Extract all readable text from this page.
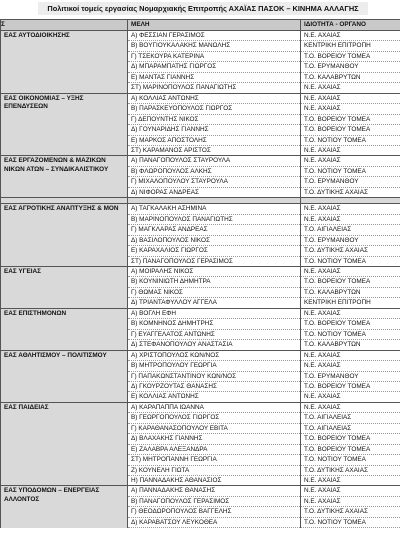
Πολιτικοί τομείς εργασίας Νομαρχιακής Επιτροπής ΑΧΑΪΑΣ ΠΑΣΟΚ – ΚΙΝΗΜΑ ΑΛΛΑΓΗΣ
Σ	ΜΕΛΗ	ΙΔΙΟΤΗΤΑ - ΟΡΓΑΝΟ
ΕΑΣ ΑΥΤΟΔΙΟΙΚΗΣΗΣ	Α) ΦΕΣΣΙΑΝ ΓΕΡΑΣΙΜΟΣ	Ν.Ε. ΑΧΑΙΑΣ
	Β) ΒΟΥΓΙΟΥΚΑΛΑΚΗΣ ΜΑΝΩΛΗΣ	ΚΕΝΤΡΙΚΗ ΕΠΙΤΡΟΠΗ
	Γ) ΤΣΕΚΟΥΡΑ ΚΑΤΕΡΙΝΑ	Τ.Ο. ΒΟΡΕΙΟΥ ΤΟΜΕΑ
	Δ) ΜΠΑΡΑΜΠΑΤΗΣ ΓΙΩΡΓΟΣ	Τ.Ο. ΕΡΥΜΑΝΘΟΥ
	Ε) ΜΑΝΤΑΣ ΓΙΑΝΝΗΣ	Τ.Ο. ΚΑΛΑΒΡΥΤΩΝ
	ΣΤ) ΜΑΡΙΝΟΠΟΥΛΟΣ ΠΑΝΑΓΙΩΤΗΣ	Ν.Ε. ΑΧΑΙΑΣ
ΕΑΣ ΟΙΚΟΝΟΜΙΑΣ – ΥΞΗΣ ΕΠΕΝΔΥΣΕΩΝ	Α) ΚΟΛΛΙΑΣ ΑΝΤΩΝΗΣ	Ν.Ε. ΑΧΑΙΑΣ
	Β) ΠΑΡΑΣΚΕΥΟΠΟΥΛΟΣ ΓΙΩΡΓΟΣ	Ν.Ε. ΑΧΑΙΑΣ
	Γ) ΔΕΠΟΥΝΤΗΣ ΝΙΚΟΣ	Τ.Ο. ΒΟΡΕΙΟΥ ΤΟΜΕΑ
	Δ) ΓΟΥΝΑΡΙΔΗΣ ΓΙΑΝΝΗΣ	Τ.Ο. ΒΟΡΕΙΟΥ ΤΟΜΕΑ
	Ε) ΜΑΡΚΟΣ ΑΠΟΣΤΟΛΗΣ	Τ.Ο. ΝΟΤΙΟΥ ΤΟΜΕΑ
	ΣΤ) ΚΑΡΑΜΑΝΟΣ ΑΡΙΣΤΟΣ	Ν.Ε. ΑΧΑΙΑΣ
ΕΑΣ ΕΡΓΑΖΟΜΕΝΩΝ & ΜΑΖΙΚΩΝ ΝΙΚΩΝ ΑΤΩΝ – ΣΥΝΔΙΚΑΛΙΣΤΙΚΟΥ	Α) ΠΑΝΑΓΟΠΟΥΛΟΣ ΣΤΑΥΡΟΥΛΑ	Ν.Ε. ΑΧΑΙΑΣ
	Β) ΦΛΩΡΟΠΟΥΛΟΣ ΑΛΚΗΣ	Τ.Ο. ΝΟΤΙΟΥ ΤΟΜΕΑ
	Γ) ΜΙΧΑΛΟΠΟΥΛΟΥ ΣΤΑΥΡΟΥΛΑ	Τ.Ο. ΕΡΥΜΑΝΘΟΥ
	Δ) ΝΙΦΟΡΑΣ ΑΝΔΡΕΑΣ	Τ.Ο. ΔΥΤΙΚΗΣ ΑΧΑΙΑΣ

ΕΑΣ ΑΓΡΟΤΙΚΗΣ ΑΝΑΠΤΥΞΗΣ & ΜΟΝ	Α) ΤΑΓΚΑΛΑΚΗ ΑΣΗΜΙΝΑ	Ν.Ε. ΑΧΑΙΑΣ
	Β) ΜΑΡΙΝΟΠΟΥΛΟΣ ΠΑΝΑΓΙΩΤΗΣ	Ν.Ε. ΑΧΑΙΑΣ
	Γ) ΜΑΓΚΛΑΡΑΣ ΑΝΔΡΕΑΣ	Τ.Ο. ΑΙΓΙΑΛΕΙΑΣ
	Δ) ΒΑΣΙΛΟΠΟΥΛΟΣ ΝΙΚΟΣ	Τ.Ο. ΕΡΥΜΑΝΘΟΥ
	Ε) ΚΑΡΑΧΑΛΙΟΣ ΓΙΩΡΓΟΣ	Τ.Ο. ΔΥΤΙΚΗΣ ΑΧΑΙΑΣ
	ΣΤ) ΠΑΝΑΓΟΠΟΥΛΟΣ ΓΕΡΑΣΙΜΟΣ	Τ.Ο. ΝΟΤΙΟΥ ΤΟΜΕΑ
ΕΑΣ ΥΓΕΙΑΣ	Α) ΜΟΙΡΑΛΗΣ ΝΙΚΟΣ	Ν.Ε. ΑΧΑΙΑΣ
	Β) ΚΟΥΝΙΝΙΩΤΗ ΔΗΜΗΤΡΑ	Τ.Ο. ΒΟΡΕΙΟΥ ΤΟΜΕΑ
	Γ) ΘΩΜΑΣ ΝΙΚΟΣ	Τ.Ο. ΚΑΛΑΒΡΥΤΩΝ
	Δ) ΤΡΙΑΝΤΑΦΥΛΛΟΥ ΑΓΓΕΛΑ	ΚΕΝΤΡΙΚΗ ΕΠΙΤΡΟΠΗ
ΕΑΣ ΕΠΙΣΤΗΜΟΝΩΝ	Α) ΒΟΓΛΗ ΕΦΗ	Ν.Ε. ΑΧΑΙΑΣ
	Β) ΚΟΜΝΗΝΟΣ ΔΗΜΗΤΡΗΣ	Τ.Ο. ΒΟΡΕΙΟΥ ΤΟΜΕΑ
	Γ) ΕΥΑΓΓΕΛΑΤΟΣ ΑΝΤΩΝΗΣ	Τ.Ο. ΝΟΤΙΟΥ ΤΟΜΕΑ
	Δ) ΣΤΕΦΑΝΟΠΟΥΛΟΥ ΑΝΑΣΤΑΣΙΑ	Τ.Ο. ΚΑΛΑΒΡΥΤΩΝ
ΕΑΣ ΑΘΛΗΤΙΣΜΟΥ – ΠΟΛΙΤΙΣΜΟΥ	Α) ΧΡΙΣΤΟΠΟΥΛΟΣ ΚΩΝ/ΝΟΣ	Ν.Ε. ΑΧΑΙΑΣ
	Β) ΜΗΤΡΟΠΟΥΛΟΥ ΓΕΩΡΓΙΑ	Ν.Ε. ΑΧΑΙΑΣ
	Γ) ΠΑΠΑΚΩΝΣΤΑΝΤΙΝΟΥ ΚΩΝ/ΝΟΣ	Τ.Ο. ΕΡΥΜΑΝΘΟΥ
	Δ) ΓΚΟΥΡΖΟΥΤΑΣ ΘΑΝΑΣΗΣ	Τ.Ο. ΒΟΡΕΙΟΥ ΤΟΜΕΑ
	Ε) ΚΟΛΛΙΑΣ ΑΝΤΩΝΗΣ	Ν.Ε. ΑΧΑΙΑΣ
ΕΑΣ ΠΑΙΔΕΙΑΣ	Α) ΚΑΡΑΠΑΠΠΑ ΙΩΑΝΝΑ	Ν.Ε. ΑΧΑΙΑΣ
	Β) ΓΕΩΡΓΟΠΟΥΛΟΣ ΓΙΩΡΓΟΣ	Τ.Ο. ΑΙΓΙΑΛΕΙΑΣ
	Γ) ΚΑΡΑΘΑΝΑΣΟΠΟΥΛΟΥ ΕΒΙΤΑ	Τ.Ο. ΑΙΓΙΑΛΕΙΑΣ
	Δ) ΒΛΑΧΑΚΗΣ ΓΙΑΝΝΗΣ	Τ.Ο. ΒΟΡΕΙΟΥ ΤΟΜΕΑ
	Ε) ΖΑΛΑΒΡΑ ΑΛΕΞΑΝΔΡΑ	Τ.Ο. ΒΟΡΕΙΟΥ ΤΟΜΕΑ
	ΣΤ) ΜΗΤΡΟΠΑΝΝΗ ΓΕΩΡΓΙΑ	Τ.Ο. ΝΟΤΙΟΥ ΤΟΜΕΑ
	Ζ) ΚΟΥΝΕΛΗ ΓΙΩΤΑ	Τ.Ο. ΔΥΤΙΚΗΣ ΑΧΑΙΑΣ
	Η) ΠΑΝΝΑΔΑΚΗΣ ΑΘΑΝΑΣΙΟΣ	Ν.Ε. ΑΧΑΙΑΣ
ΕΑΣ ΥΠΟΔΟΜΩΝ – ΕΝΕΡΓΕΙΑΣ ΑΛΛΟΝΤΟΣ	Α) ΠΑΝΝΑΔΑΚΗΣ ΘΑΝΑΣΗΣ	Ν.Ε. ΑΧΑΙΑΣ
	Β) ΠΑΝΑΓΟΠΟΥΛΟΣ ΓΕΡΑΣΙΜΟΣ	Ν.Ε. ΑΧΑΙΑΣ
	Γ) ΘΕΟΔΩΡΟΠΟΥΛΟΣ ΒΑΓΓΕΛΗΣ	Τ.Ο. ΔΥΤΙΚΗΣ ΑΧΑΙΑΣ
	Δ) ΚΑΡΑΒΑΤΣΟΥ ΛΕΥΚΟΘΕΑ	Τ.Ο. ΝΟΤΙΟΥ ΤΟΜΕΑ
